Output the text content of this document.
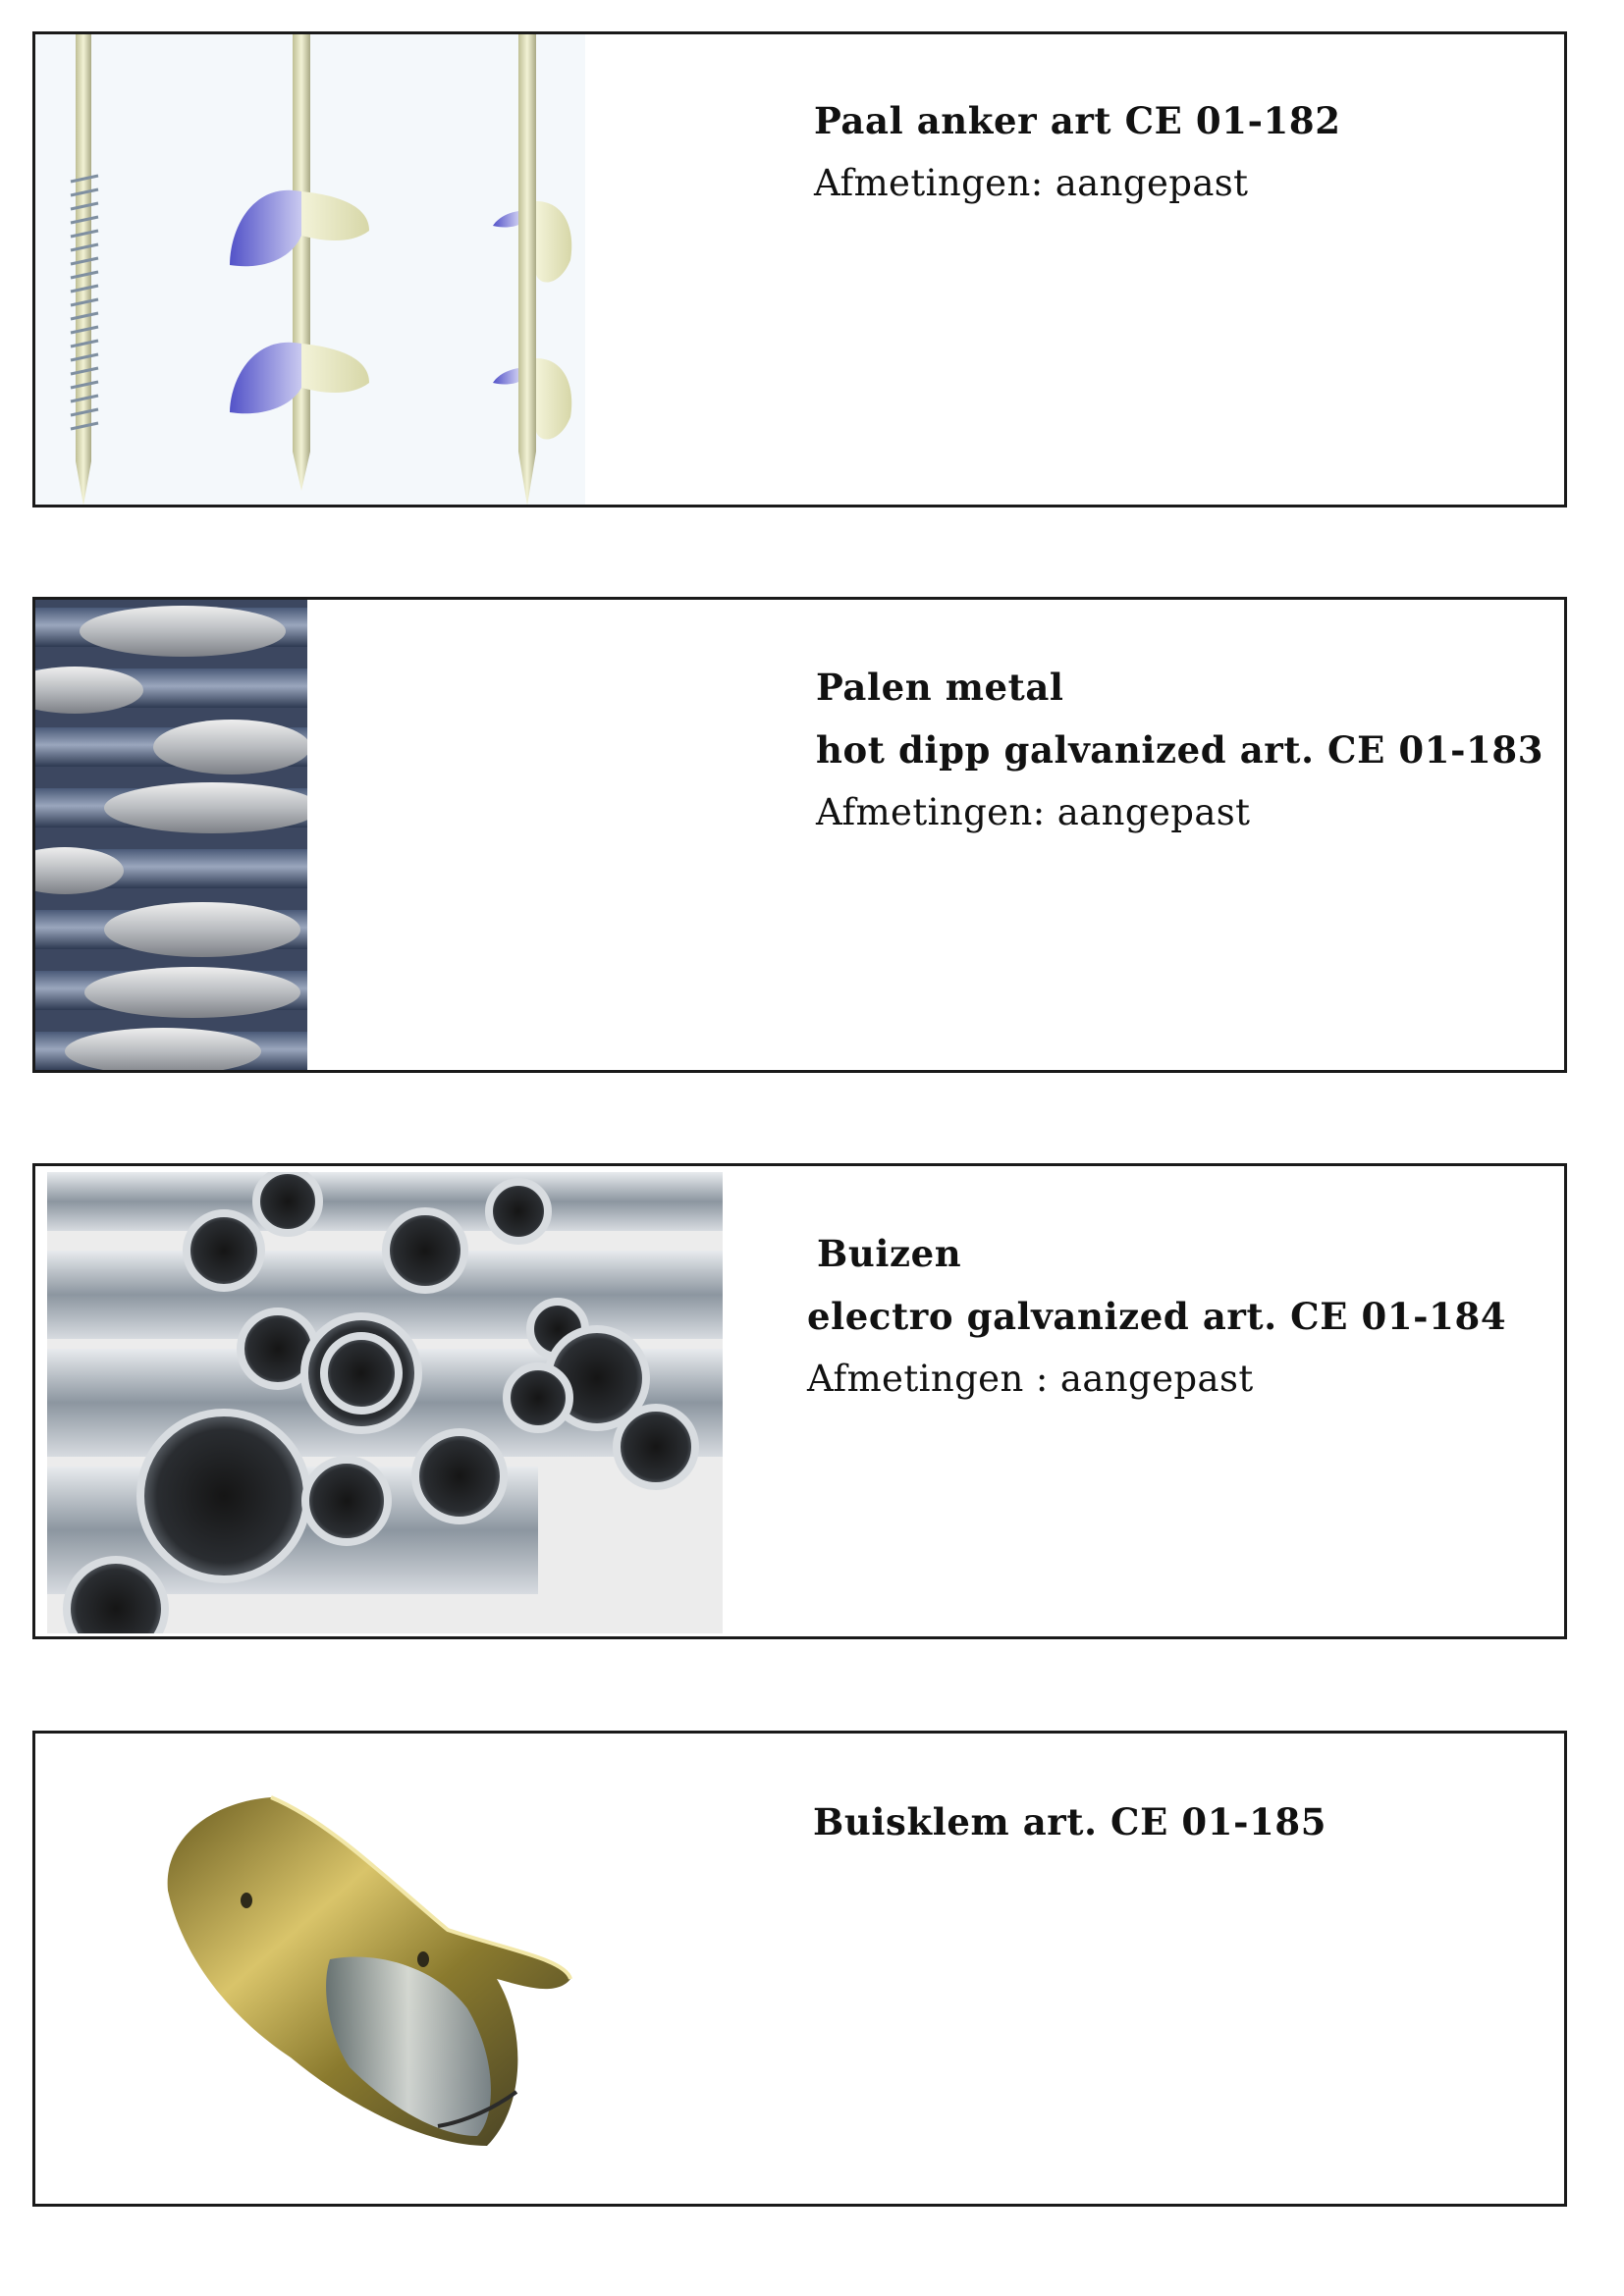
Paal anker art CE 01-182
Afmetingen: aangepast
Palen metal
hot dipp galvanized art. CE 01-183
Afmetingen: aangepast
Buizen
electro galvanized art. CE 01-184
Afmetingen : aangepast
Buisklem art. CE 01-185
